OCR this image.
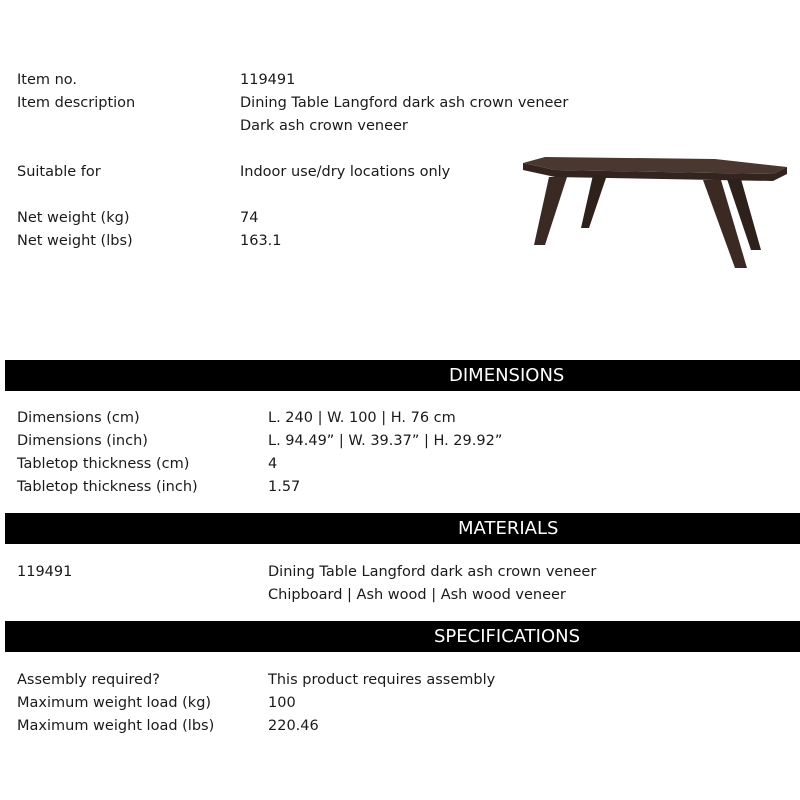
Item no.	119491
Item description	Dining Table Langford dark ash crown veneer
Dark ash crown veneer
Suitable for	Indoor use/dry locations only
Net weight (kg)	74
Net weight (lbs)	163.1
DIMENSIONS
Dimensions (cm)	L. 240 | W. 100 | H. 76 cm
Dimensions (inch)	L. 94.49” | W. 39.37” | H. 29.92”
Tabletop thickness (cm)	4
Tabletop thickness (inch)	1.57
MATERIALS
119491	Dining Table Langford dark ash crown veneer
Chipboard | Ash wood | Ash wood veneer
SPECIFICATIONS
Assembly required?	This product requires assembly
Maximum weight load (kg)	100
Maximum weight load (lbs)	220.46
